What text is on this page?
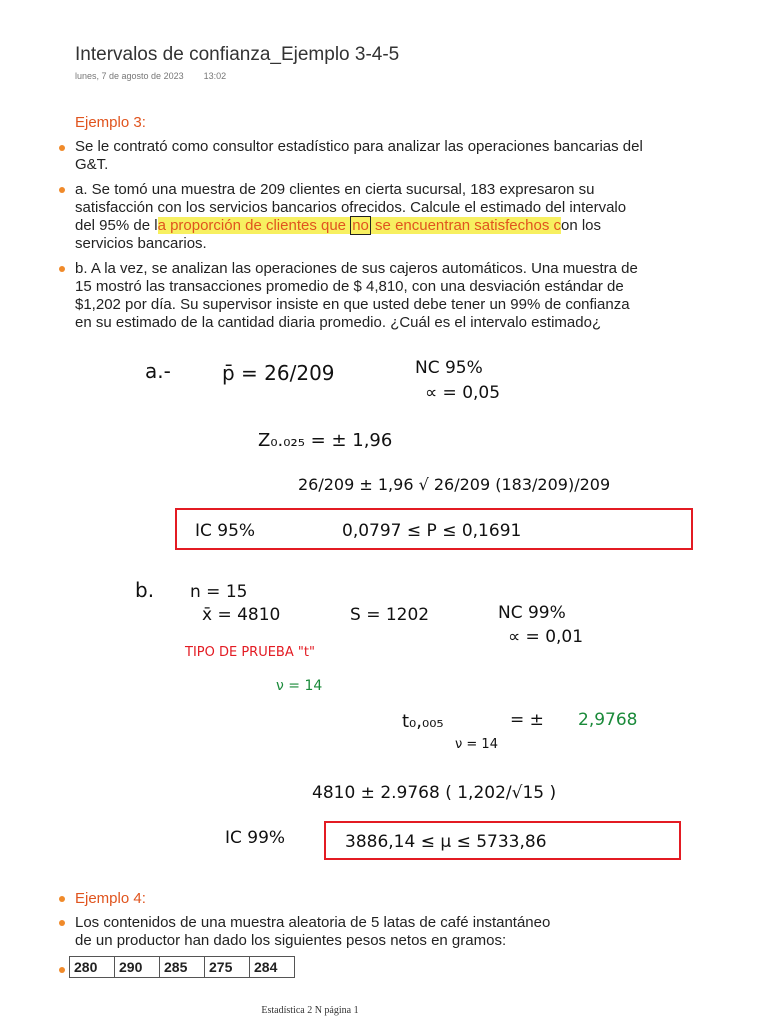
Intervalos de confianza_Ejemplo 3-4-5
lunes, 7 de agosto de 2023 13:02
Ejemplo 3:
Se le contrató como consultor estadístico para analizar las operaciones bancarias del G&T.
a. Se tomó una muestra de 209 clientes en cierta sucursal, 183 expresaron su satisfacción con los servicios bancarios ofrecidos. Calcule el estimado del intervalo del 95% de la proporción de clientes que no se encuentran satisfechos con los servicios bancarios.
b. A la vez, se analizan las operaciones de sus cajeros automáticos. Una muestra de 15 mostró las transacciones promedio de $ 4,810, con una desviación estándar de $1,202 por día. Su supervisor insiste en que usted debe tener un 99% de confianza en su estimado de la cantidad diaria promedio. ¿Cuál es el intervalo estimado¿
a.-	p̄ = 26/209	NC 95%
∝ = 0,05
Z₀.₀₂₅ = ± 1,96
26/209 ± 1,96 √ 26/209 (183/209)/209
IC 95%	0,0797 ≤ P ≤ 0,1691
b. n = 15
x̄ = 4810	S = 1202	NC 99%
∝ = 0,01
TIPO DE PRUEBA "t"
ν = 14
t₀,₀₀₅	= ± 2,9768
ν = 14
4810 ± 2.9768 ( 1,202/√15 )
IC 99%	3886,14 ≤ μ ≤ 5733,86
Ejemplo 4:
Los contenidos de una muestra aleatoria de 5 latas de café instantáneo de un productor han dado los siguientes pesos netos en gramos:
280	290	285	275	284
Estadística 2 N página 1
